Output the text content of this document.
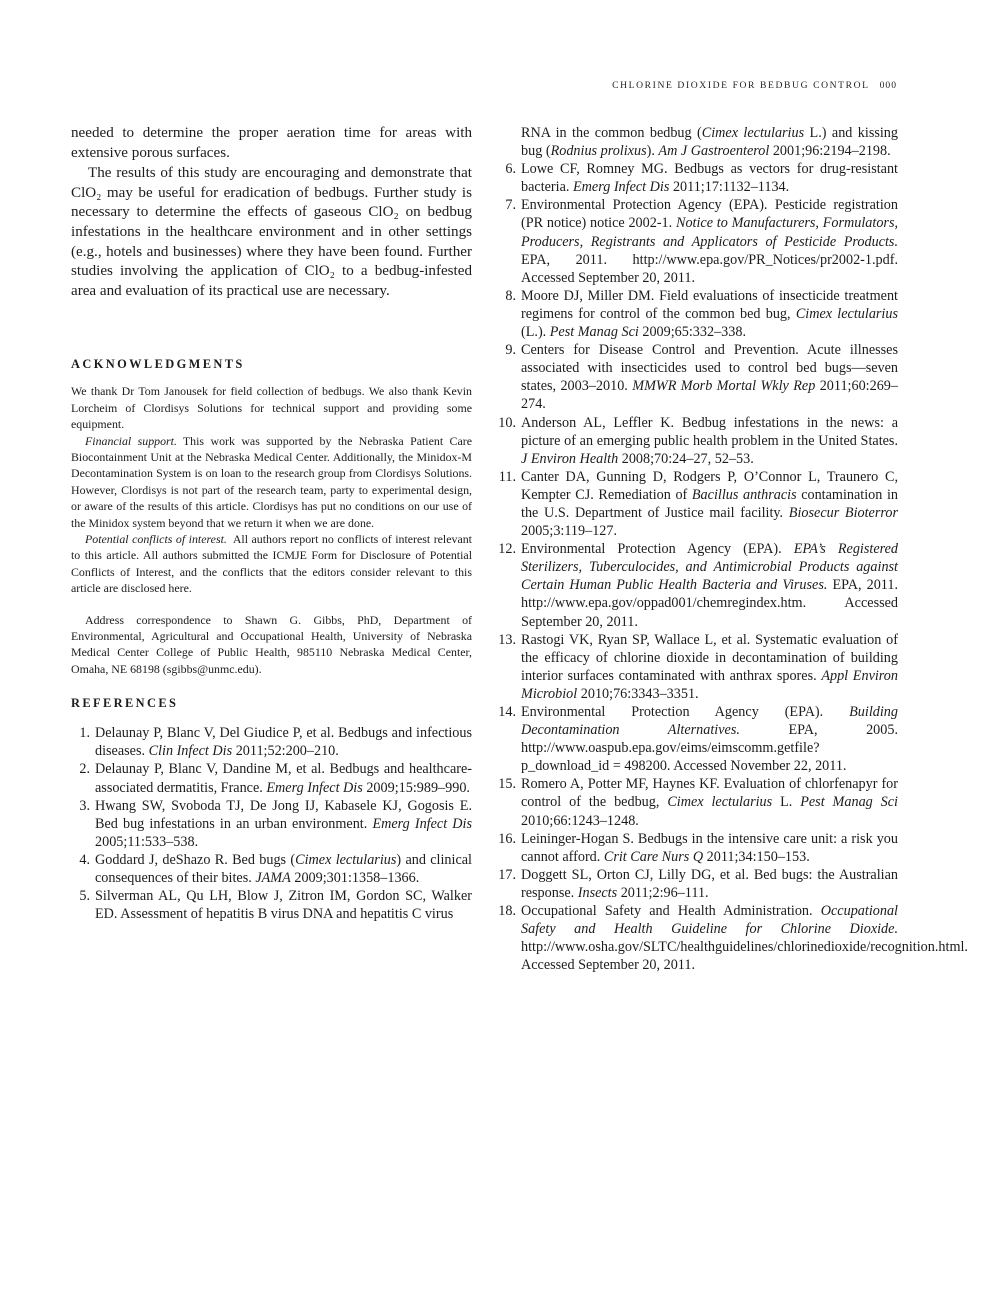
CHLORINE DIOXIDE FOR BEDBUG CONTROL 000

needed to determine the proper aeration time for areas with extensive porous surfaces.

The results of this study are encouraging and demonstrate that ClO₂ may be useful for eradication of bedbugs. Further study is necessary to determine the effects of gaseous ClO₂ on bedbug infestations in the healthcare environment and in other settings (e.g., hotels and businesses) where they have been found. Further studies involving the application of ClO₂ to a bedbug-infested area and evaluation of its practical use are necessary.

ACKNOWLEDGMENTS

We thank Dr Tom Janousek for field collection of bedbugs. We also thank Kevin Lorcheim of Clordisys Solutions for technical support and providing some equipment.

Financial support.  This work was supported by the Nebraska Patient Care Biocontainment Unit at the Nebraska Medical Center. Additionally, the Minidox-M Decontamination System is on loan to the research group from Clordisys Solutions. However, Clordisys is not part of the research team, party to experimental design, or aware of the results of this article. Clordisys has put no conditions on our use of the Minidox system beyond that we return it when we are done.

Potential conflicts of interest.  All authors report no conflicts of interest relevant to this article. All authors submitted the ICMJE Form for Disclosure of Potential Conflicts of Interest, and the conflicts that the editors consider relevant to this article are disclosed here.

Address correspondence to Shawn G. Gibbs, PhD, Department of Environmental, Agricultural and Occupational Health, University of Nebraska Medical Center College of Public Health, 985110 Nebraska Medical Center, Omaha, NE 68198 (sgibbs@unmc.edu).

REFERENCES
1. Delaunay P, Blanc V, Del Giudice P, et al. Bedbugs and infectious diseases. Clin Infect Dis 2011;52:200–210.
2. Delaunay P, Blanc V, Dandine M, et al. Bedbugs and healthcare-associated dermatitis, France. Emerg Infect Dis 2009;15:989–990.
3. Hwang SW, Svoboda TJ, De Jong IJ, Kabasele KJ, Gogosis E. Bed bug infestations in an urban environment. Emerg Infect Dis 2005;11:533–538.
4. Goddard J, deShazo R. Bed bugs (Cimex lectularius) and clinical consequences of their bites. JAMA 2009;301:1358–1366.
5. Silverman AL, Qu LH, Blow J, Zitron IM, Gordon SC, Walker ED. Assessment of hepatitis B virus DNA and hepatitis C virus

RNA in the common bedbug (Cimex lectularius L.) and kissing bug (Rodnius prolixus). Am J Gastroenterol 2001;96:2194–2198.

6. Lowe CF, Romney MG. Bedbugs as vectors for drug-resistant bacteria. Emerg Infect Dis 2011;17:1132–1134.
7. Environmental Protection Agency (EPA). Pesticide registration (PR notice) notice 2002-1. Notice to Manufacturers, Formulators, Producers, Registrants and Applicators of Pesticide Products. EPA, 2011. http://www.epa.gov/PR_Notices/pr2002-1.pdf. Accessed September 20, 2011.
8. Moore DJ, Miller DM. Field evaluations of insecticide treatment regimens for control of the common bed bug, Cimex lectularius (L.). Pest Manag Sci 2009;65:332–338.
9. Centers for Disease Control and Prevention. Acute illnesses associated with insecticides used to control bed bugs—seven states, 2003–2010. MMWR Morb Mortal Wkly Rep 2011;60:269–274.
10. Anderson AL, Leffler K. Bedbug infestations in the news: a picture of an emerging public health problem in the United States. J Environ Health 2008;70:24–27, 52–53.
11. Canter DA, Gunning D, Rodgers P, O’Connor L, Traunero C, Kempter CJ. Remediation of Bacillus anthracis contamination in the U.S. Department of Justice mail facility. Biosecur Bioterror 2005;3:119–127.
12. Environmental Protection Agency (EPA). EPA’s Registered Sterilizers, Tuberculocides, and Antimicrobial Products against Certain Human Public Health Bacteria and Viruses. EPA, 2011. http://www.epa.gov/oppad001/chemregindex.htm. Accessed September 20, 2011.
13. Rastogi VK, Ryan SP, Wallace L, et al. Systematic evaluation of the efficacy of chlorine dioxide in decontamination of building interior surfaces contaminated with anthrax spores. Appl Environ Microbiol 2010;76:3343–3351.
14. Environmental Protection Agency (EPA). Building Decontamination Alternatives. EPA, 2005. http://www.oaspub.epa.gov/eims/eimscomm.getfile?p_download_id = 498200. Accessed November 22, 2011.
15. Romero A, Potter MF, Haynes KF. Evaluation of chlorfenapyr for control of the bedbug, Cimex lectularius L. Pest Manag Sci 2010;66:1243–1248.
16. Leininger-Hogan S. Bedbugs in the intensive care unit: a risk you cannot afford. Crit Care Nurs Q 2011;34:150–153.
17. Doggett SL, Orton CJ, Lilly DG, et al. Bed bugs: the Australian response. Insects 2011;2:96–111.
18. Occupational Safety and Health Administration. Occupational Safety and Health Guideline for Chlorine Dioxide. http://www.osha.gov/SLTC/healthguidelines/chlorinedioxide/recognition.html. Accessed September 20, 2011.
